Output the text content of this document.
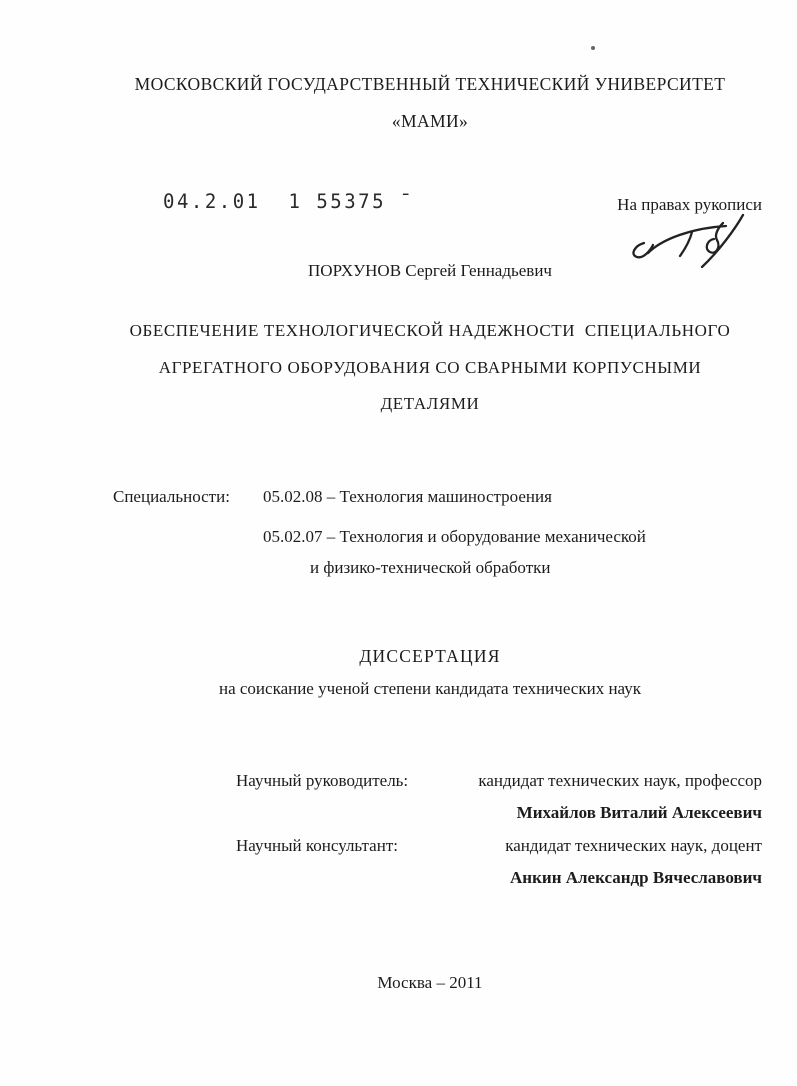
МОСКОВСКИЙ ГОСУДАРСТВЕННЫЙ ТЕХНИЧЕСКИЙ УНИВЕРСИТЕТ
«МАМИ»
04.2.01  1 55375 ˉ	На правах рукописи
ПОРХУНОВ Сергей Геннадьевич
ОБЕСПЕЧЕНИЕ ТЕХНОЛОГИЧЕСКОЙ НАДЕЖНОСТИ  СПЕЦИАЛЬНОГО
АГРЕГАТНОГО ОБОРУДОВАНИЯ СО СВАРНЫМИ КОРПУСНЫМИ
ДЕТАЛЯМИ
Специальности: 05.02.08 – Технология машиностроения
05.02.07 – Технология и оборудование механической
и физико-технической обработки
ДИССЕРТАЦИЯ
на соискание ученой степени кандидата технических наук
Научный руководитель:	кандидат технических наук, профессор
Михайлов Виталий Алексеевич
Научный консультант:	кандидат технических наук, доцент
Анкин Александр Вячеславович
Москва – 2011
